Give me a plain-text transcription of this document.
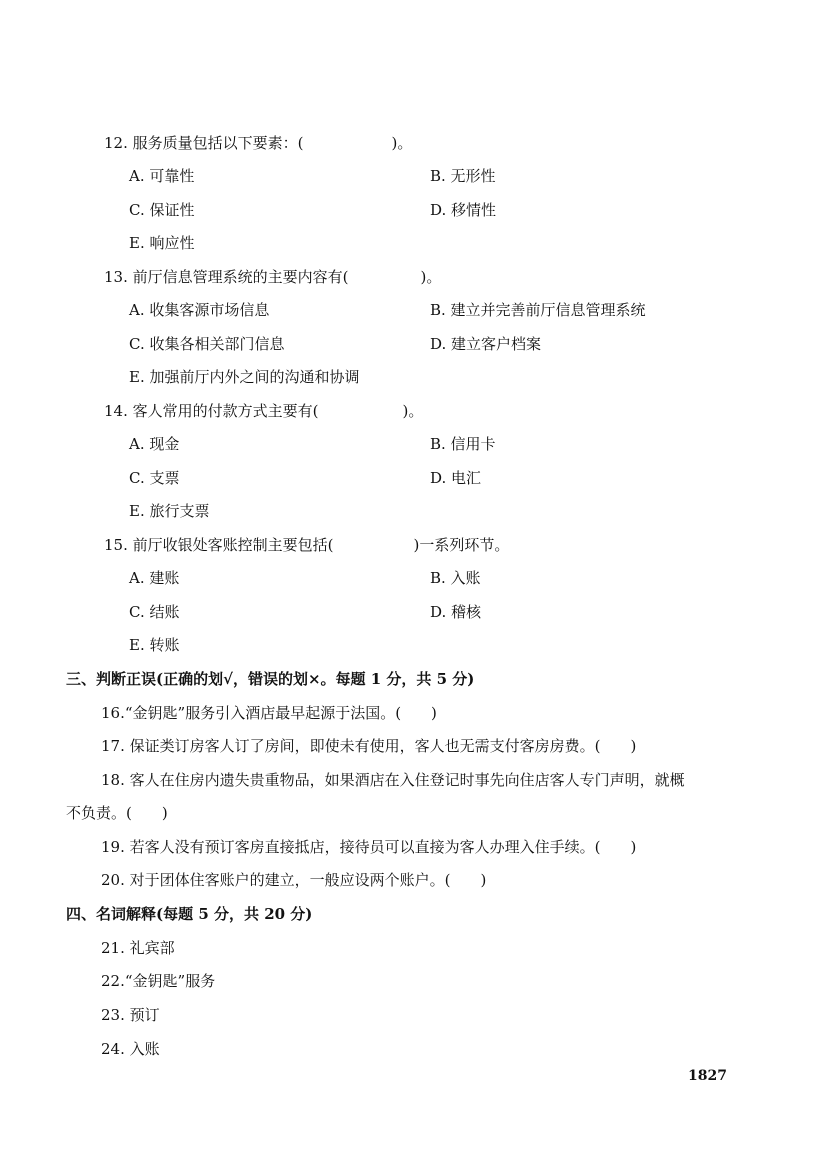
12. 服务质量包括以下要素：(	)。
A. 可靠性	B. 无形性
C. 保证性	D. 移情性
E. 响应性
13. 前厅信息管理系统的主要内容有(	)。
A. 收集客源市场信息	B. 建立并完善前厅信息管理系统
C. 收集各相关部门信息	D. 建立客户档案
E. 加强前厅内外之间的沟通和协调
14. 客人常用的付款方式主要有(	)。
A. 现金	B. 信用卡
C. 支票	D. 电汇
E. 旅行支票
15. 前厅收银处客账控制主要包括(	)一系列环节。
A. 建账	B. 入账
C. 结账	D. 稽核
E. 转账
三、判断正误(正确的划√，错误的划×。每题 1 分，共 5 分)
16.“金钥匙”服务引入酒店最早起源于法国。(　　)
17. 保证类订房客人订了房间，即使未有使用，客人也无需支付客房房费。(　　)
18. 客人在住房内遗失贵重物品，如果酒店在入住登记时事先向住店客人专门声明，就概
不负责。(　　)
19. 若客人没有预订客房直接抵店，接待员可以直接为客人办理入住手续。(　　)
20. 对于团体住客账户的建立，一般应设两个账户。(　　)
四、名词解释(每题 5 分，共 20 分)
21. 礼宾部
22.“金钥匙”服务
23. 预订
24. 入账
1827
